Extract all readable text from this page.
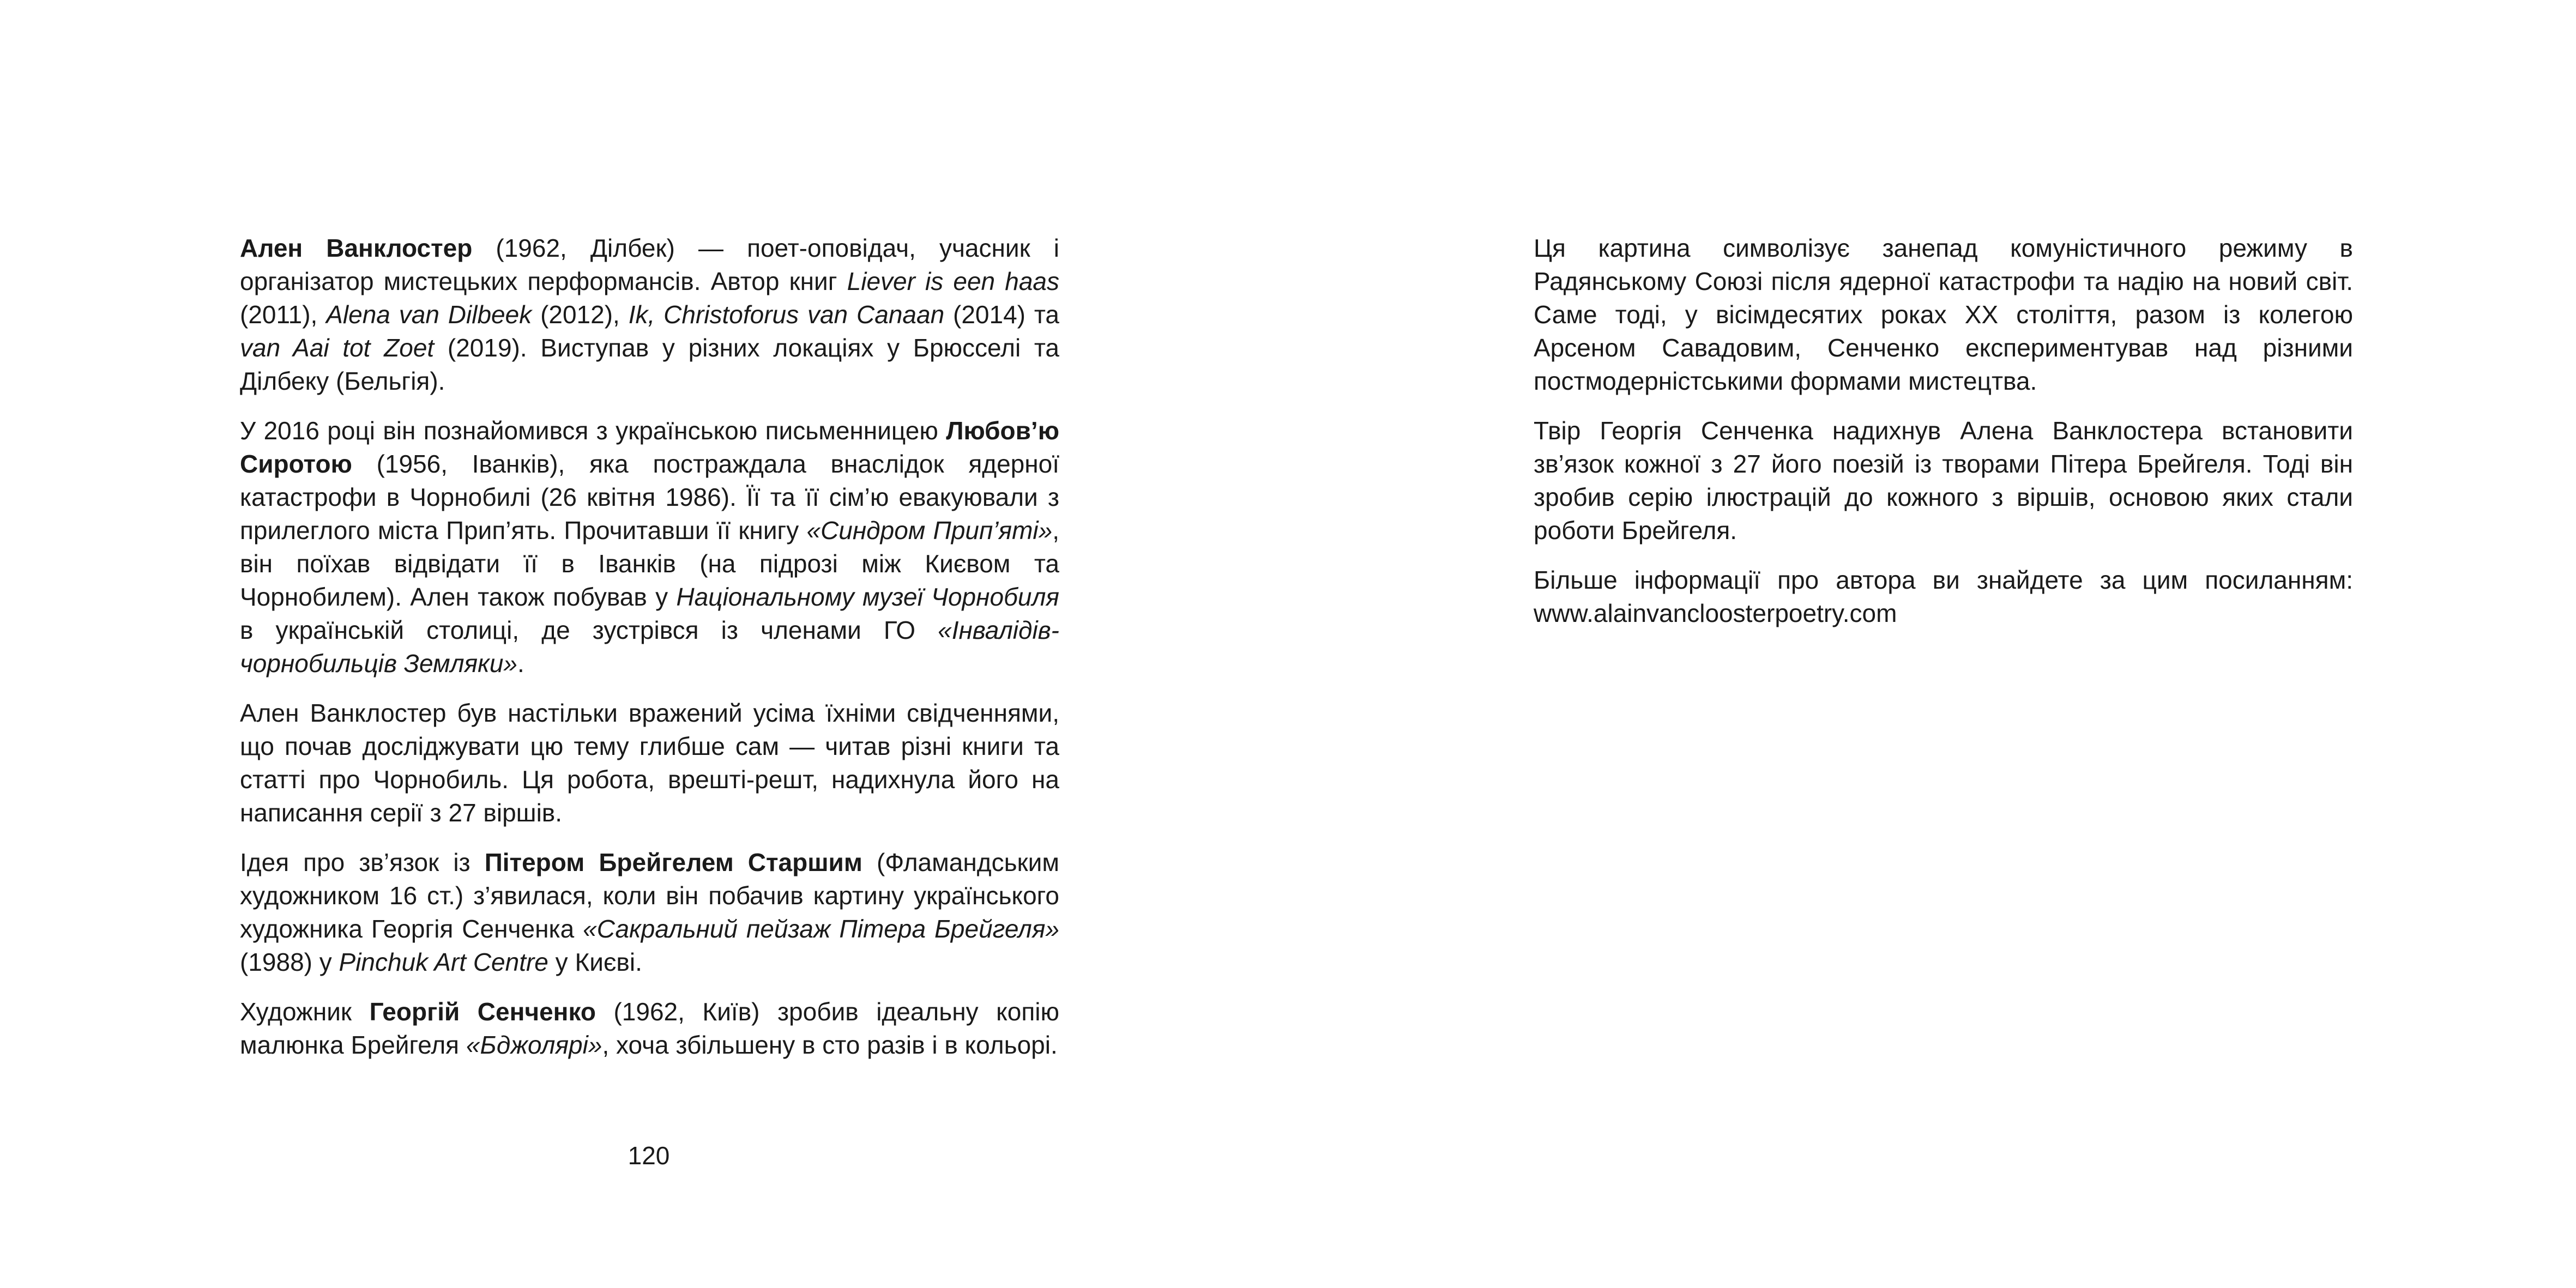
Ален Ванклостер (1962, Ділбек) — поет-оповідач, учасник і організатор мистецьких перформансів. Автор книг Liever is een haas (2011), Alena van Dilbeek (2012), Ik, Christoforus van Canaan (2014) та van Aai tot Zoet (2019). Виступав у різних локаціях у Брюсселі та Ділбеку (Бельгія).

У 2016 році він познайомився з українською письменницею Любов’ю Сиротою (1956, Іванків), яка постраждала внаслідок ядерної катастрофи в Чорнобилі (26 квітня 1986). Її та її сім’ю евакуювали з прилеглого міста Прип’ять. Прочитавши її книгу «Синдром Прип’яті», він поїхав відвідати її в Іванків (на підрозі між Києвом та Чорнобилем). Ален також побував у Національному музеї Чорнобиля в українській столиці, де зустрівся із членами ГО «Інвалідів-чорнобильців Земляки».

Ален Ванклостер був настільки вражений усіма їхніми свідченнями, що почав досліджувати цю тему глибше сам — читав різні книги та статті про Чорнобиль. Ця робота, врешті-решт, надихнула його на написання серії з 27 віршів.

Ідея про зв’язок із Пітером Брейгелем Старшим (Фламандським художником 16 ст.) з’явилася, коли він побачив картину українського художника Георгія Сенченка «Сакральний пейзаж Пітера Брейгеля» (1988) у Pinchuk Art Centre у Києві.

Художник Георгій Сенченко (1962, Київ) зробив ідеальну копію малюнка Брейгеля «Бджолярі», хоча збільшену в сто разів і в кольорі.

120

Ця картина символізує занепад комуністичного режиму в Радянському Союзі після ядерної катастрофи та надію на новий світ. Саме тоді, у вісімдесятих роках XX століття, разом із колегою Арсеном Савадовим, Сенченко експериментував над різними постмодерністськими формами мистецтва.

Твір Георгія Сенченка надихнув Алена Ванклостера встановити зв’язок кожної з 27 його поезій із творами Пітера Брейгеля. Тоді він зробив серію ілюстрацій до кожного з віршів, основою яких стали роботи Брейгеля.

Більше інформації про автора ви знайдете за цим посиланням: www.alainvancloosterpoetry.com
